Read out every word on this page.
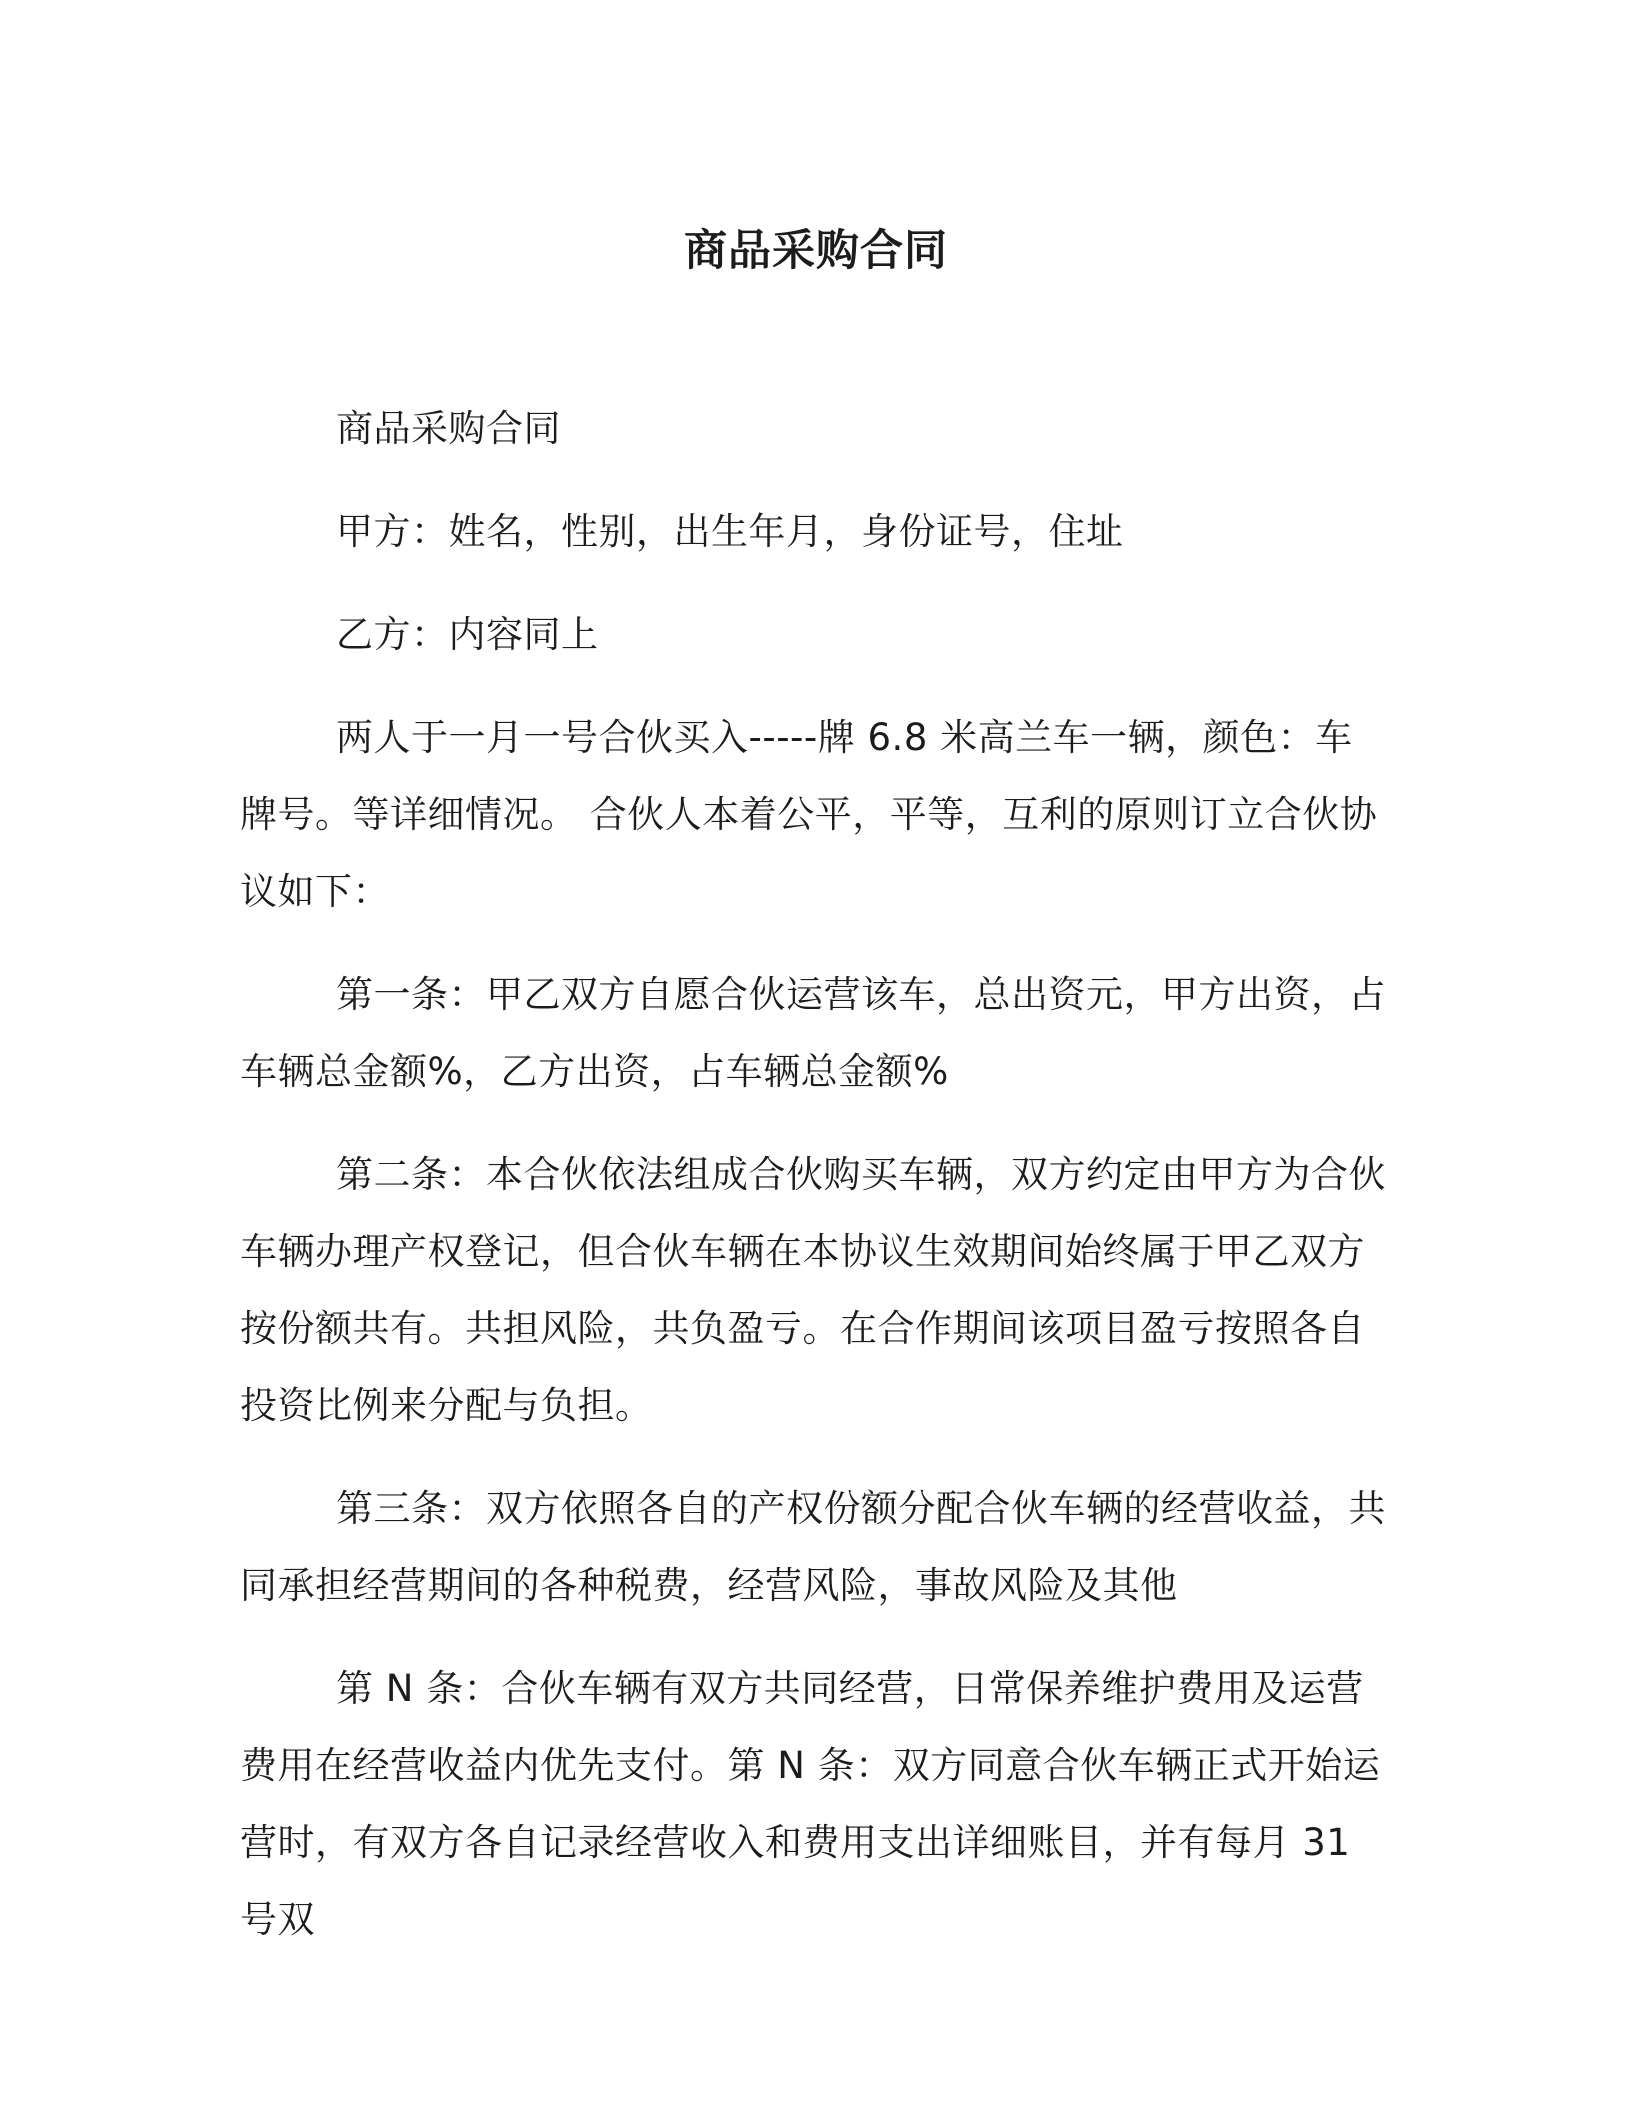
商品采购合同

商品采购合同

甲方：姓名，性别，出生年月，身份证号，住址

乙方：内容同上

两人于一月一号合伙买入-----牌 6.8 米高兰车一辆，颜色：车牌号。等详细情况。 合伙人本着公平，平等，互利的原则订立合伙协议如下：

第一条：甲乙双方自愿合伙运营该车，总出资元，甲方出资，占车辆总金额%，乙方出资，占车辆总金额%

第二条：本合伙依法组成合伙购买车辆，双方约定由甲方为合伙车辆办理产权登记，但合伙车辆在本协议生效期间始终属于甲乙双方按份额共有。共担风险，共负盈亏。在合作期间该项目盈亏按照各自投资比例来分配与负担。

第三条：双方依照各自的产权份额分配合伙车辆的经营收益，共同承担经营期间的各种税费，经营风险，事故风险及其他

第 N 条：合伙车辆有双方共同经营，日常保养维护费用及运营费用在经营收益内优先支付。第 N 条：双方同意合伙车辆正式开始运营时，有双方各自记录经营收入和费用支出详细账目，并有每月 31 号双
